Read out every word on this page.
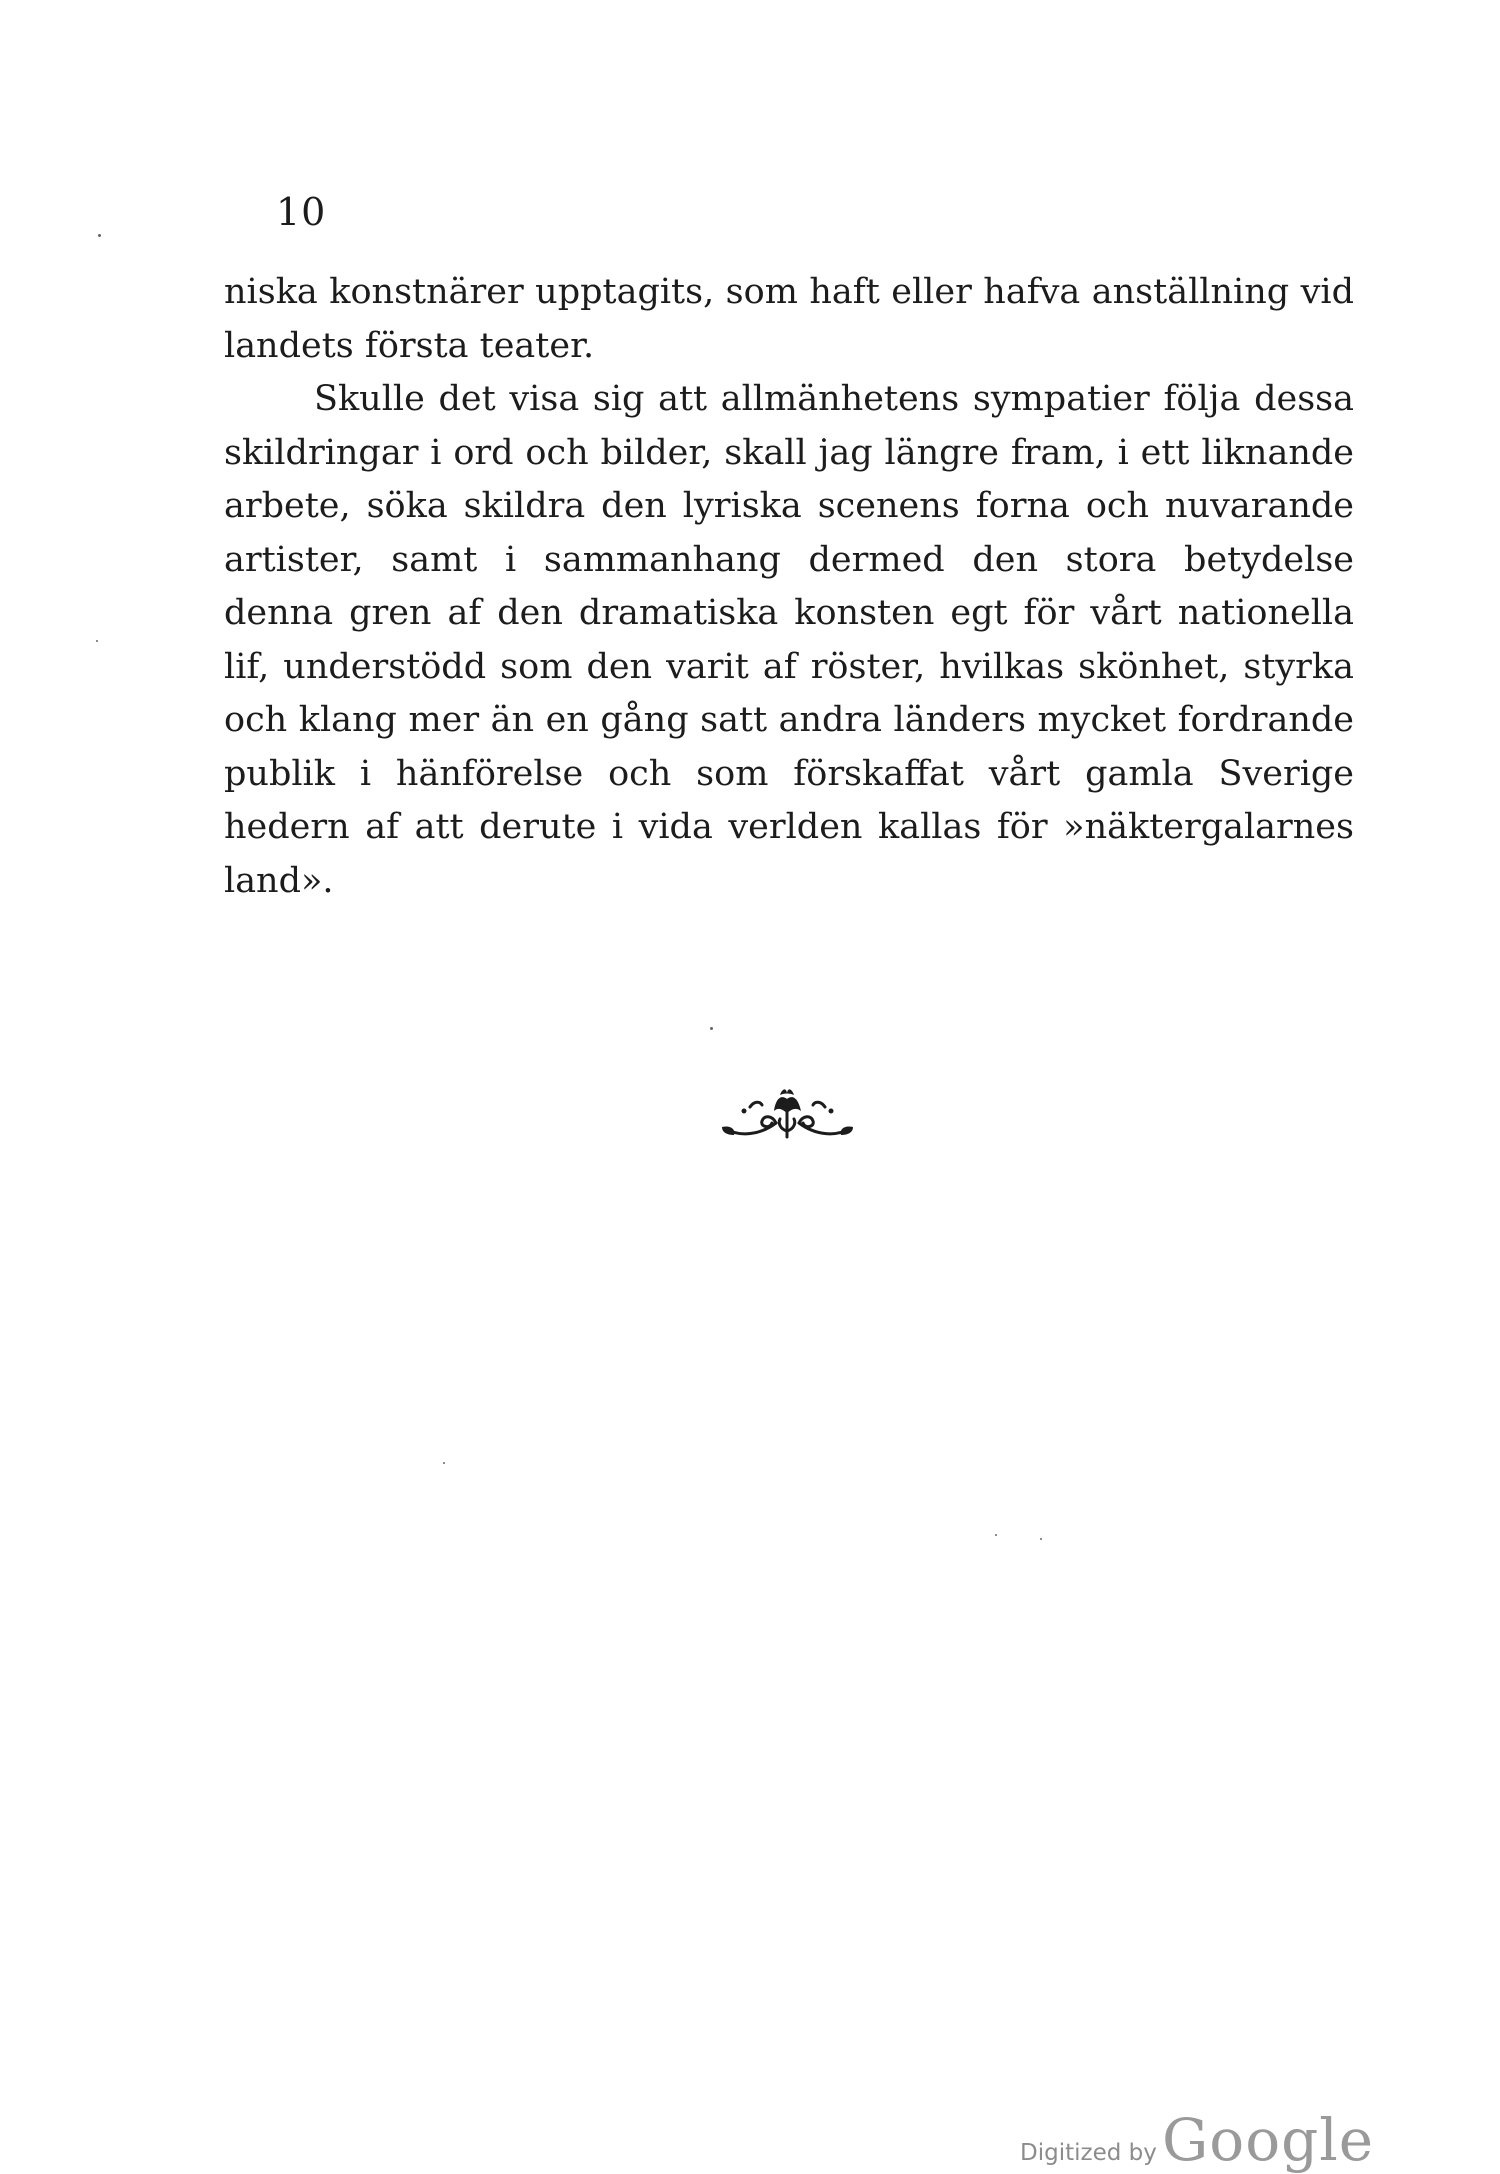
10

niska konstnärer upptagits, som haft eller hafva anställning vid landets första teater.

Skulle det visa sig att allmänhetens sympatier följa dessa skildringar i ord och bilder, skall jag längre fram, i ett liknande arbete, söka skildra den lyriska scenens forna och nuvarande artister, samt i sammanhang dermed den stora betydelse denna gren af den dramatiska konsten egt för vårt nationella lif, understödd som den varit af röster, hvilkas skönhet, styrka och klang mer än en gång satt andra länders mycket fordrande publik i hänförelse och som förskaffat vårt gamla Sverige hedern af att derute i vida verlden kallas för »näktergalarnes land».

Digitized by Google
